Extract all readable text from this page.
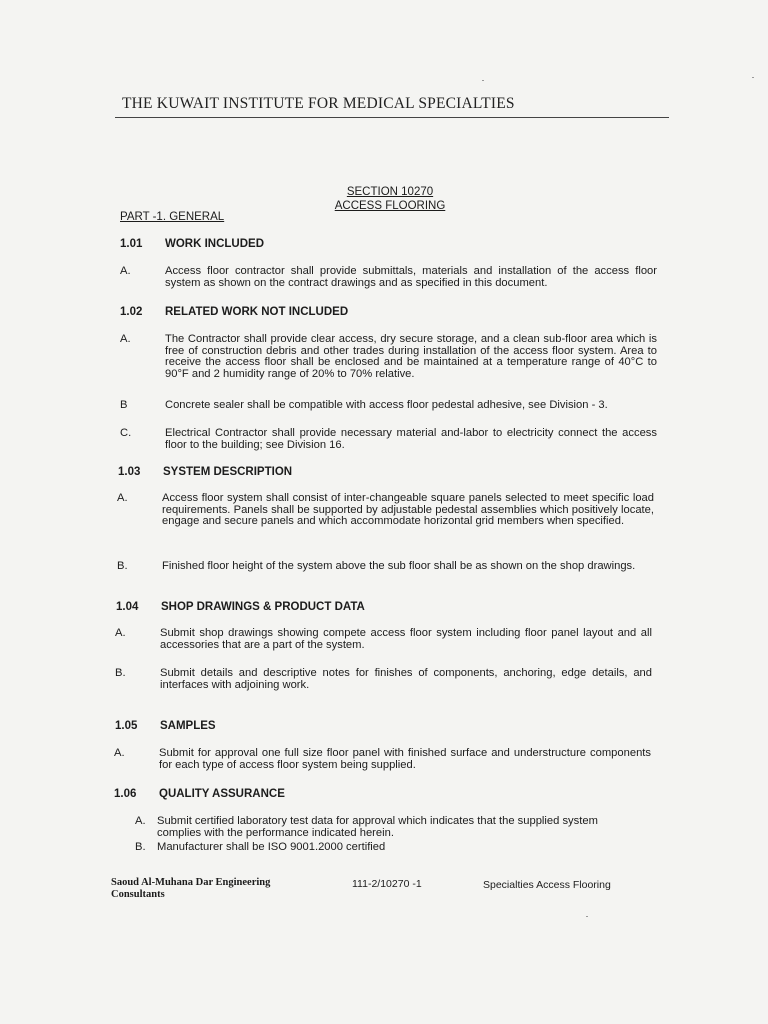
THE KUWAIT INSTITUTE FOR MEDICAL SPECIALTIES
SECTION 10270
ACCESS FLOORING
PART -1. GENERAL
1.01 WORK INCLUDED
A.	Access floor contractor shall provide submittals, materials and installation of the access floor system as shown on the contract drawings and as specified in this document.
1.02 RELATED WORK NOT INCLUDED
A.	The Contractor shall provide clear access, dry secure storage, and a clean sub-floor area which is free of construction debris and other trades during installation of the access floor system. Area to receive the access floor shall be enclosed and be maintained at a temperature range of 40°C to 90°F and 2 humidity range of 20% to 70% relative.
B	Concrete sealer shall be compatible with access floor pedestal adhesive, see Division - 3.
C.	Electrical Contractor shall provide necessary material and-labor to electricity connect the access floor to the building; see Division 16.
1.03 SYSTEM DESCRIPTION
A.	Access floor system shall consist of inter-changeable square panels selected to meet specific load requirements. Panels shall be supported by adjustable pedestal assemblies which positively locate, engage and secure panels and which accommodate horizontal grid members when specified.
B.	Finished floor height of the system above the sub floor shall be as shown on the shop drawings.
1.04 SHOP DRAWINGS & PRODUCT DATA
A.	Submit shop drawings showing compete access floor system including floor panel layout and all accessories that are a part of the system.
B.	Submit details and descriptive notes for finishes of components, anchoring, edge details, and interfaces with adjoining work.
1.05 SAMPLES
A.	Submit for approval one full size floor panel with finished surface and understructure components for each type of access floor system being supplied.
1.06 QUALITY ASSURANCE
A. Submit certified laboratory test data for approval which indicates that the supplied system complies with the performance indicated herein.
B. Manufacturer shall be ISO 9001.2000 certified
Saoud Al-Muhana Dar Engineering Consultants
111-2/10270 -1	Specialties Access Flooring
